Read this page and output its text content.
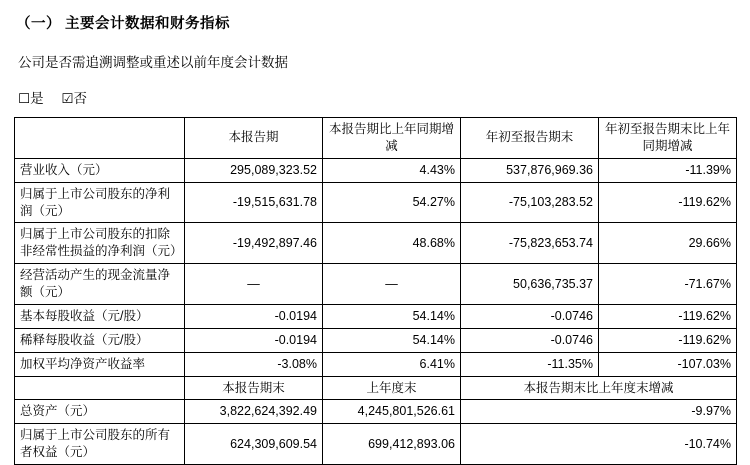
（一） 主要会计数据和财务指标
公司是否需追溯调整或重述以前年度会计数据
☐是 ☑否
	本报告期	本报告期比上年同期增减	年初至报告期末	年初至报告期末比上年同期增减
营业收入（元）	295,089,323.52	4.43%	537,876,969.36	-11.39%
归属于上市公司股东的净利润（元）	-19,515,631.78	54.27%	-75,103,283.52	-119.62%
归属于上市公司股东的扣除非经常性损益的净利润（元）	-19,492,897.46	48.68%	-75,823,653.74	29.66%
经营活动产生的现金流量净额（元）	—	—	50,636,735.37	-71.67%
基本每股收益（元/股）	-0.0194	54.14%	-0.0746	-119.62%
稀释每股收益（元/股）	-0.0194	54.14%	-0.0746	-119.62%
加权平均净资产收益率	-3.08%	6.41%	-11.35%	-107.03%
	本报告期末	上年度末	本报告期末比上年度末增减	
总资产（元）	3,822,624,392.49	4,245,801,526.61	-9.97%	
归属于上市公司股东的所有者权益（元）	624,309,609.54	699,412,893.06	-10.74%	
